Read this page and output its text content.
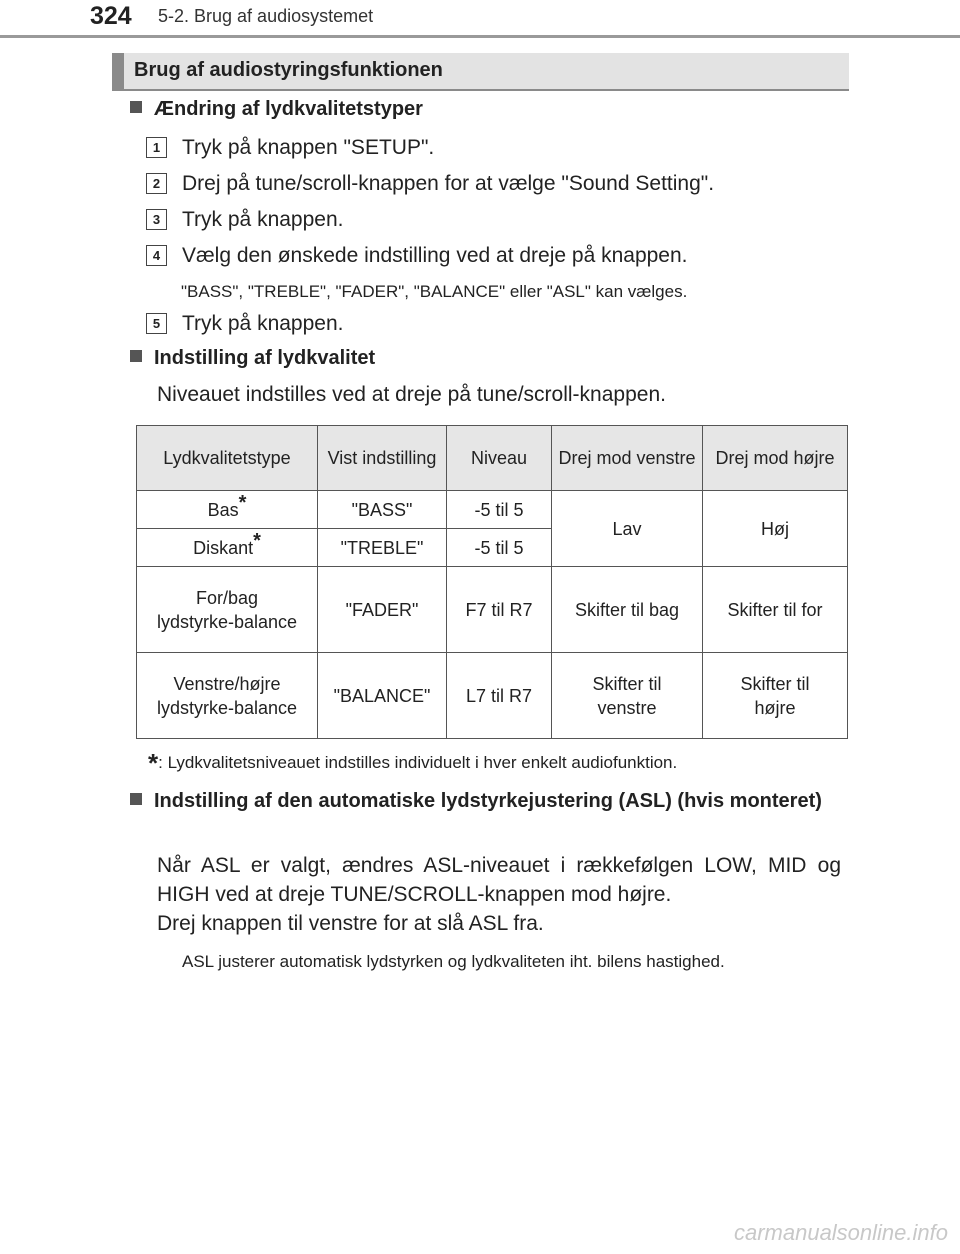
324 5-2. Brug af audiosystemet
Brug af audiostyringsfunktionen
Ændring af lydkvalitetstyper
1 Tryk på knappen "SETUP".
2 Drej på tune/scroll-knappen for at vælge "Sound Setting".
3 Tryk på knappen.
4 Vælg den ønskede indstilling ved at dreje på knappen.
"BASS", "TREBLE", "FADER", "BALANCE" eller "ASL" kan vælges.
5 Tryk på knappen.
Indstilling af lydkvalitet
Niveauet indstilles ved at dreje på tune/scroll-knappen.
Lydkvalitetstype	Vist indstilling	Niveau	Drej mod venstre	Drej mod højre
Bas*	"BASS"	-5 til 5	Lav	Høj
Diskant*	"TREBLE"	-5 til 5		
For/bag lydstyrke-balance	"FADER"	F7 til R7	Skifter til bag	Skifter til for
Venstre/højre lydstyrke-balance	"BALANCE"	L7 til R7	Skifter til venstre	Skifter til højre
*: Lydkvalitetsniveauet indstilles individuelt i hver enkelt audiofunktion.
Indstilling af den automatiske lydstyrkejustering (ASL) (hvis monteret)
Når ASL er valgt, ændres ASL-niveauet i rækkefølgen LOW, MID og HIGH ved at dreje TUNE/SCROLL-knappen mod højre.
Drej knappen til venstre for at slå ASL fra.
ASL justerer automatisk lydstyrken og lydkvaliteten iht. bilens hastighed.
carmanualsonline.info
